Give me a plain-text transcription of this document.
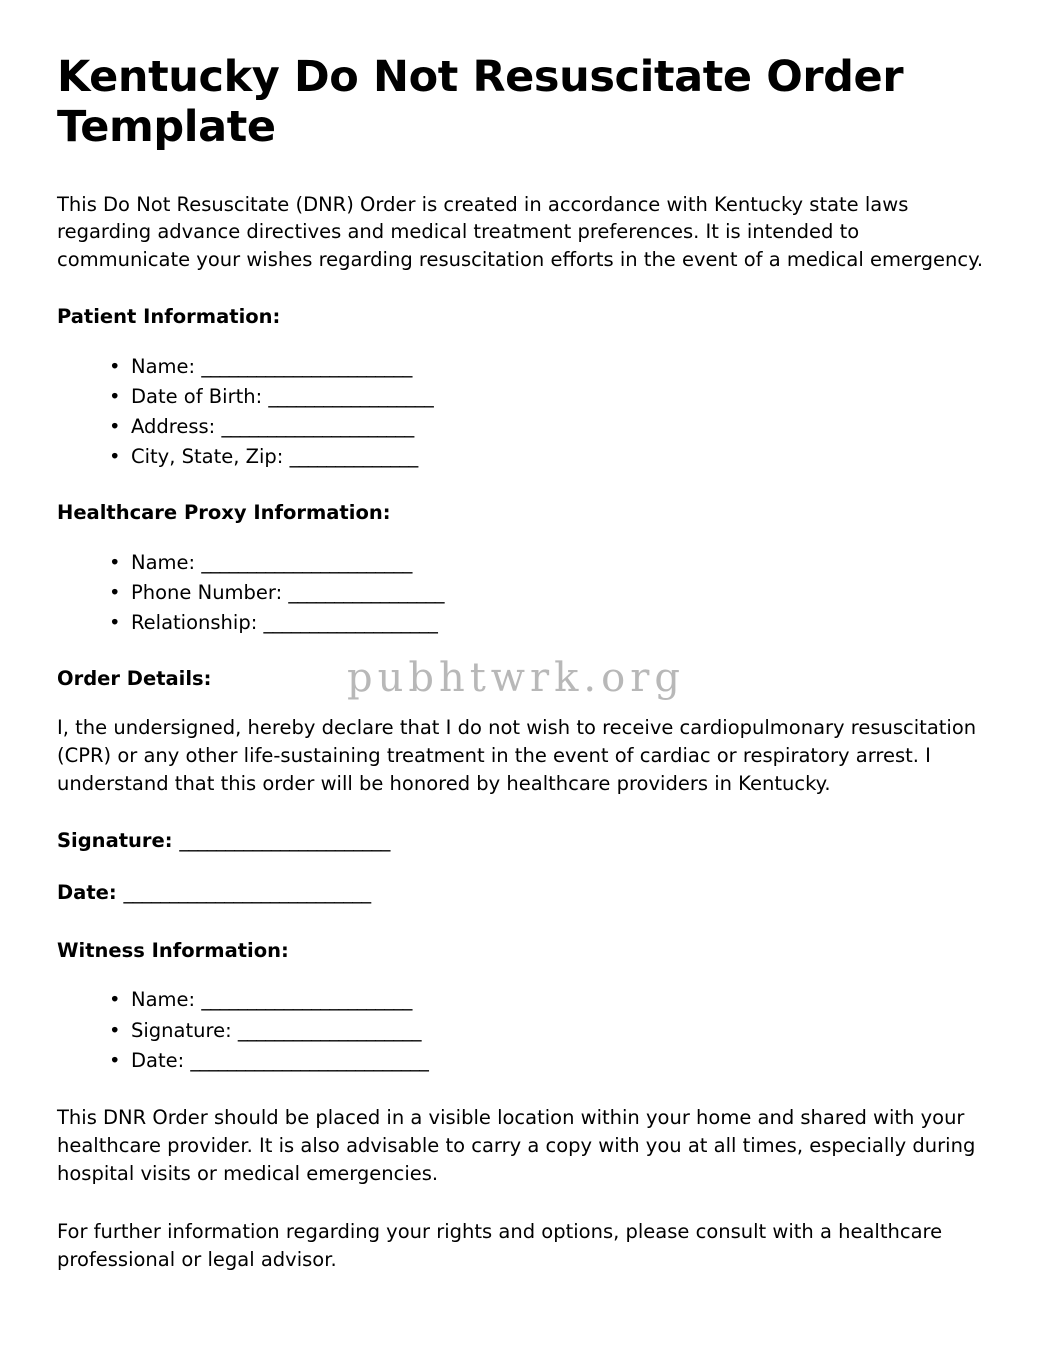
Kentucky Do Not Resuscitate Order Template

This Do Not Resuscitate (DNR) Order is created in accordance with Kentucky state laws regarding advance directives and medical treatment preferences. It is intended to communicate your wishes regarding resuscitation efforts in the event of a medical emergency.

Patient Information:
• Name: _______________________
• Date of Birth: __________________
• Address: _____________________
• City, State, Zip: ______________
Healthcare Proxy Information:
• Name: _______________________
• Phone Number: _________________
• Relationship: ___________________
Order Details:

I, the undersigned, hereby declare that I do not wish to receive cardiopulmonary resuscitation (CPR) or any other life-sustaining treatment in the event of cardiac or respiratory arrest. I understand that this order will be honored by healthcare providers in Kentucky.

Signature: _______________________
Date: ___________________________
Witness Information:
• Name: _______________________
• Signature: ____________________
• Date: __________________________

This DNR Order should be placed in a visible location within your home and shared with your healthcare provider. It is also advisable to carry a copy with you at all times, especially during hospital visits or medical emergencies.

For further information regarding your rights and options, please consult with a healthcare professional or legal advisor.

pubhtwrk.org
